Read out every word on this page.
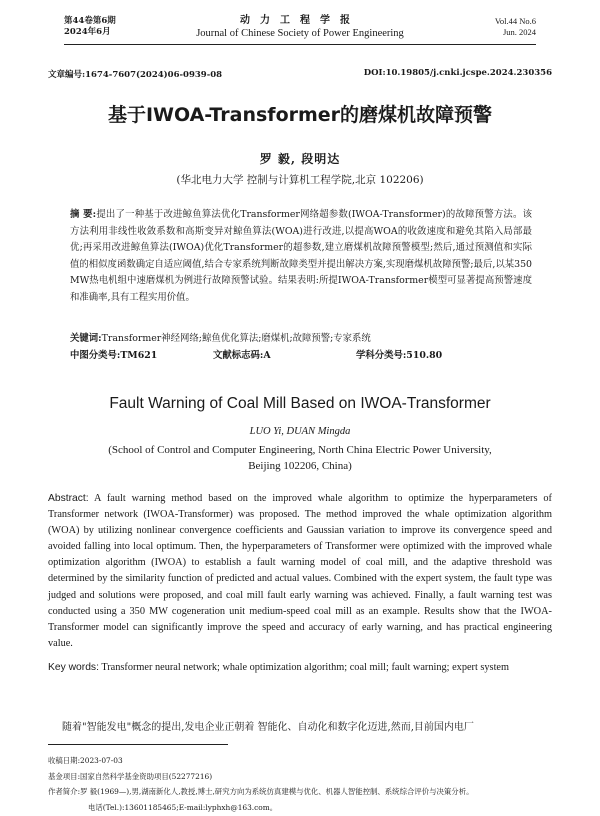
第44卷第6期
2024年6月
动力工程学报
Journal of Chinese Society of Power Engineering
Vol.44 No.6
Jun. 2024
文章编号:1674-7607(2024)06-0939-08	DOI:10.19805/j.cnki.jcspe.2024.230356
基于IWOA-Transformer的磨煤机故障预警
罗 毅, 段明达
(华北电力大学 控制与计算机工程学院,北京 102206)
摘 要:提出了一种基于改进鲸鱼算法优化Transformer网络超参数(IWOA-Transformer)的故障预警方法。该方法利用非线性收敛系数和高斯变异对鲸鱼算法(WOA)进行改进,以提高WOA的收敛速度和避免其陷入局部最优;再采用改进鲸鱼算法(IWOA)优化Transformer的超参数,建立磨煤机故障预警模型;然后,通过预测值和实际值的相似度函数确定自适应阈值,结合专家系统判断故障类型并提出解决方案,实现磨煤机故障预警;最后,以某350 MW热电机组中速磨煤机为例进行故障预警试验。结果表明:所提IWOA-Transformer模型可显著提高预警速度和准确率,具有工程实用价值。
关键词:Transformer神经网络;鲸鱼优化算法;磨煤机;故障预警;专家系统
中图分类号:TM621	文献标志码:A	学科分类号:510.80
Fault Warning of Coal Mill Based on IWOA-Transformer
LUO Yi, DUAN Mingda
(School of Control and Computer Engineering, North China Electric Power University,
Beijing 102206, China)
Abstract: A fault warning method based on the improved whale algorithm to optimize the hyperparameters of Transformer network (IWOA-Transformer) was proposed. The method improved the whale optimization algorithm (WOA) by utilizing nonlinear convergence coefficients and Gaussian variation to improve its convergence speed and avoided falling into local optimum. Then, the hyperparameters of Transformer were optimized with the improved whale optimization algorithm (IWOA) to establish a fault warning model of coal mill, and the adaptive threshold was determined by the similarity function of predicted and actual values. Combined with the expert system, the fault type was judged and solutions were proposed, and coal mill fault early warning was achieved. Finally, a fault warning test was conducted using a 350 MW cogeneration unit medium-speed coal mill as an example. Results show that the IWOA-Transformer model can significantly improve the speed and accuracy of early warning, and has practical engineering value.
Key words: Transformer neural network; whale optimization algorithm; coal mill; fault warning; expert system
随着"智能发电"概念的提出,发电企业正朝着 智能化、自动化和数字化迈进,然而,目前国内电厂
收稿日期:2023-07-03
基金项目:国家自然科学基金资助项目(52277216)
作者简介:罗 毅(1969—),男,湖南新化人,教授,博士,研究方向为系统仿真建模与优化、机器人智能控制、系统综合评价与决策分析。
电话(Tel.):13601185465;E-mail:lyphxh@163.com。
